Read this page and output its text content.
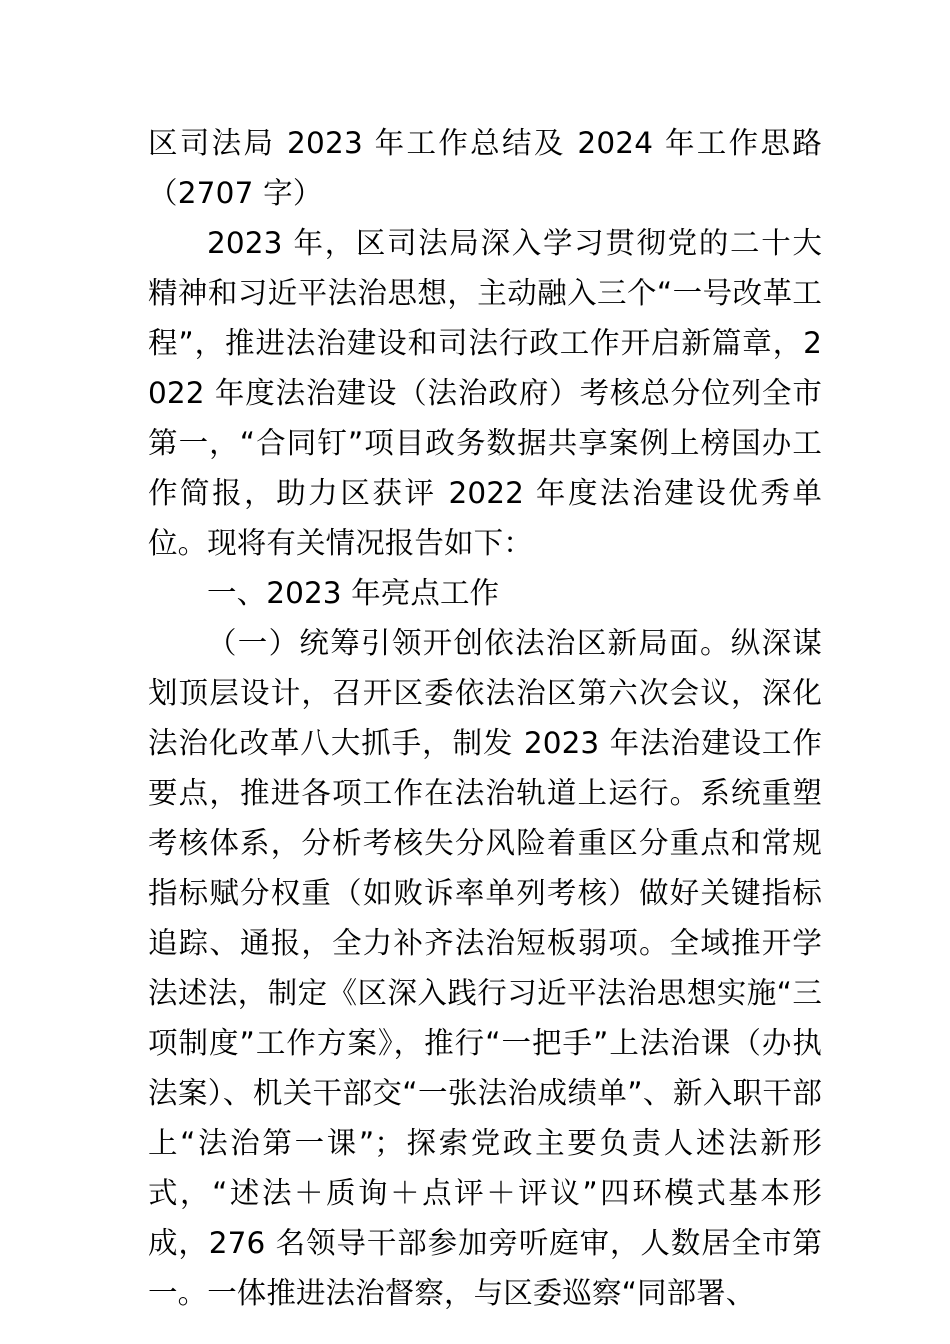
区司法局 2023 年工作总结及 2024 年工作思路（2707 字）

2023 年，区司法局深入学习贯彻党的二十大精神和习近平法治思想，主动融入三个“一号改革工程”，推进法治建设和司法行政工作开启新篇章，2022 年度法治建设（法治政府）考核总分位列全市第一，“合同钉”项目政务数据共享案例上榜国办工作简报，助力区获评 2022 年度法治建设优秀单位。现将有关情况报告如下：

一、2023 年亮点工作

（一）统筹引领开创依法治区新局面。纵深谋划顶层设计，召开区委依法治区第六次会议，深化法治化改革八大抓手，制发 2023 年法治建设工作要点，推进各项工作在法治轨道上运行。系统重塑考核体系，分析考核失分风险着重区分重点和常规指标赋分权重（如败诉率单列考核）做好关键指标追踪、通报，全力补齐法治短板弱项。全域推开学法述法，制定《区深入践行习近平法治思想实施“三项制度”工作方案》，推行“一把手”上法治课（办执法案）、机关干部交“一张法治成绩单”、新入职干部上“法治第一课”；探索党政主要负责人述法新形式，“述法＋质询＋点评＋评议”四环模式基本形成，276 名领导干部参加旁听庭审，人数居全市第一。一体推进法治督察，与区委巡察“同部署、
